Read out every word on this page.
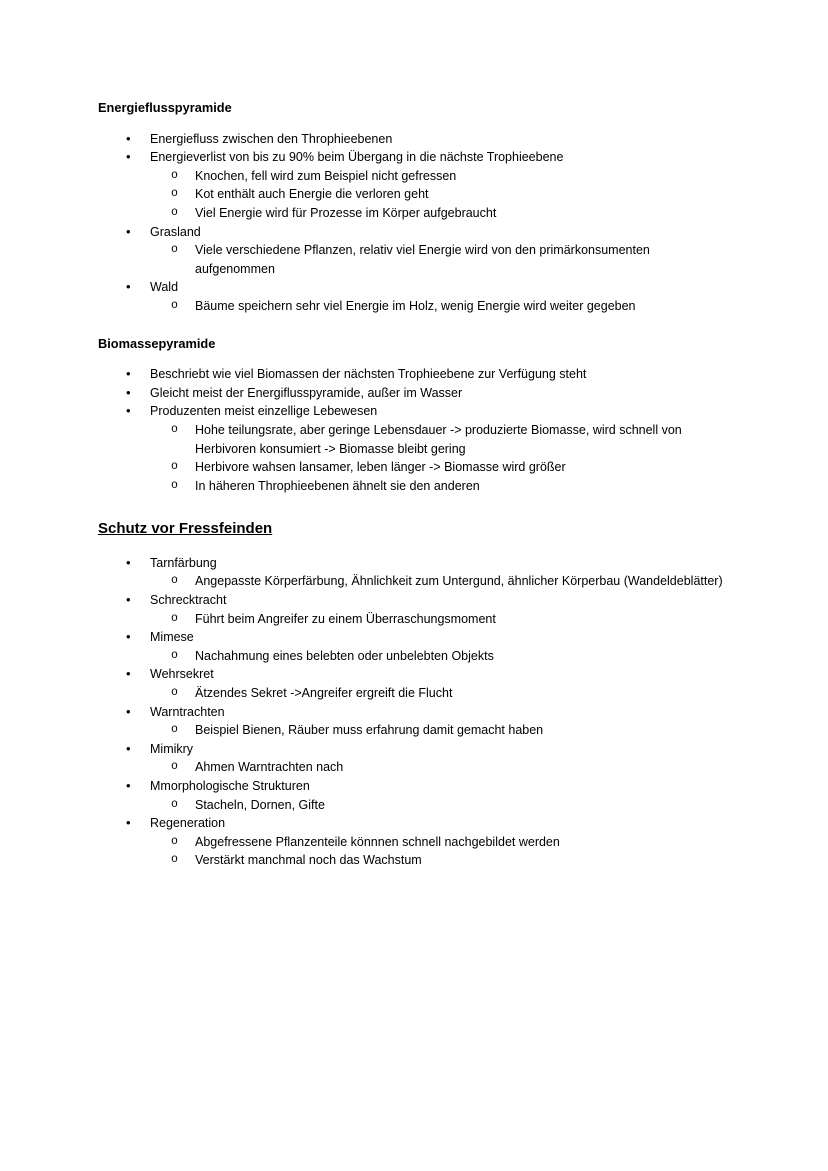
Energieflusspyramide
•	Energiefluss zwischen den Throphieebenen
•	Energieverlist von bis zu 90% beim Übergang in die nächste Trophieebene
o	Knochen, fell wird zum Beispiel nicht gefressen
o	Kot enthält auch Energie die verloren geht
o	Viel Energie wird für Prozesse im Körper aufgebraucht
•	Grasland
o	Viele verschiedene Pflanzen, relativ viel Energie wird von den primärkonsumenten aufgenommen
•	Wald
o	Bäume speichern sehr viel Energie im Holz, wenig Energie wird weiter gegeben
Biomassepyramide
•	Beschriebt wie viel Biomassen der nächsten Trophieebene zur Verfügung steht
•	Gleicht meist der Energiflusspyramide, außer im Wasser
•	Produzenten meist einzellige Lebewesen
o	Hohe teilungsrate, aber geringe Lebensdauer -> produzierte Biomasse, wird schnell von Herbivoren konsumiert -> Biomasse bleibt gering
o	Herbivore wahsen lansamer, leben länger -> Biomasse wird größer
o	In häheren Throphieebenen ähnelt sie den anderen
Schutz vor Fressfeinden
•	Tarnfärbung
o	Angepasste Körperfärbung, Ähnlichkeit zum Untergund, ähnlicher Körperbau (Wandeldeblätter)
•	Schrecktracht
o	Führt beim Angreifer zu einem Überraschungsmoment
•	Mimese
o	Nachahmung eines belebten oder unbelebten Objekts
•	Wehrsekret
o	Ätzendes Sekret ->Angreifer ergreift die Flucht
•	Warntrachten
o	Beispiel Bienen, Räuber muss erfahrung damit gemacht haben
•	Mimikry
o	Ahmen Warntrachten nach
•	Mmorphologische Strukturen
o	Stacheln, Dornen, Gifte
•	Regeneration
o	Abgefressene Pflanzenteile könnnen schnell nachgebildet werden
o	Verstärkt manchmal noch das Wachstum
